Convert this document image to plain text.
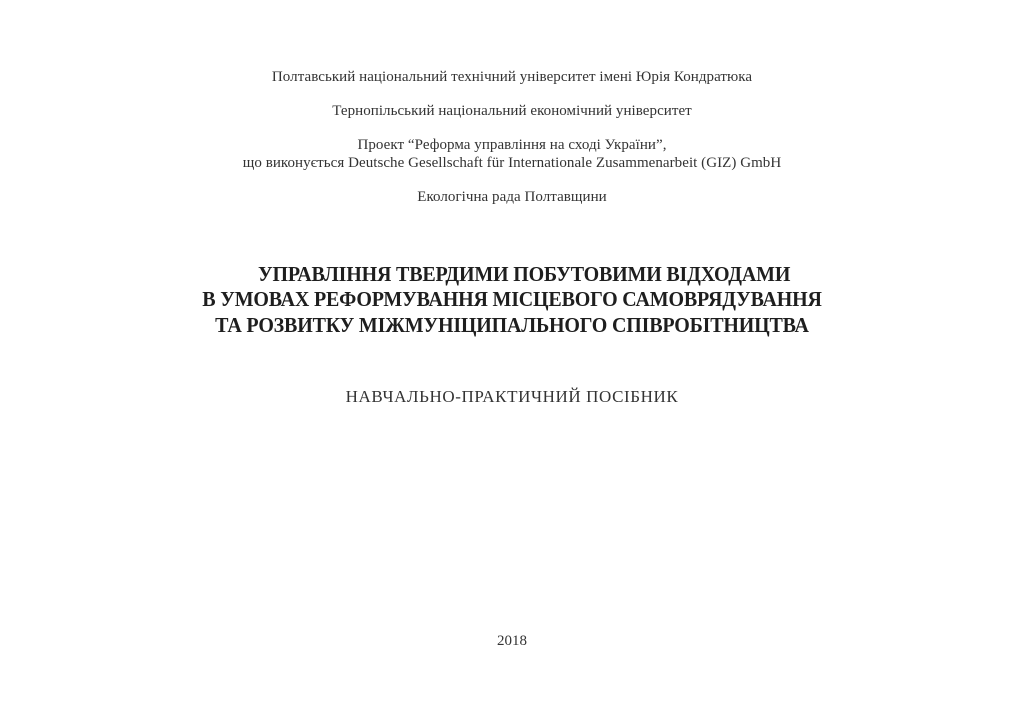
Полтавський національний технічний університет імені Юрія Кондратюка
Тернопільський національний економічний університет
Проект “Реформа управління на сході України”,
що виконується Deutsche Gesellschaft für Internationale Zusammenarbeit (GIZ) GmbH
Екологічна рада Полтавщини
УПРАВЛІННЯ ТВЕРДИМИ ПОБУТОВИМИ ВІДХОДАМИ
В УМОВАХ РЕФОРМУВАННЯ МІСЦЕВОГО САМОВРЯДУВАННЯ
ТА РОЗВИТКУ МІЖМУНІЦИПАЛЬНОГО СПІВРОБІТНИЦТВА
НАВЧАЛЬНО-ПРАКТИЧНИЙ ПОСІБНИК
2018
